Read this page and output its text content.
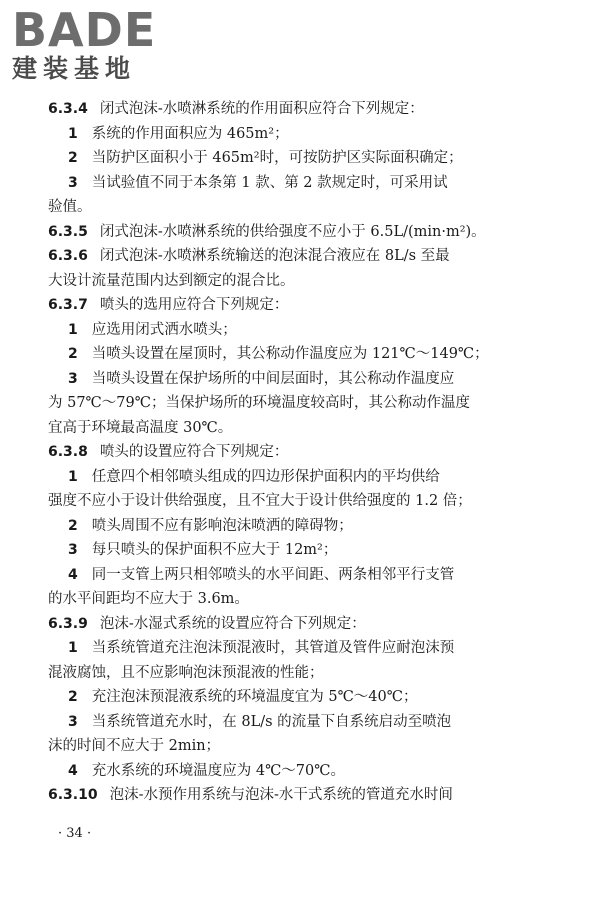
BADE
建装基地
6.3.4 闭式泡沫-水喷淋系统的作用面积应符合下列规定：
1 系统的作用面积应为 465m²；
2 当防护区面积小于 465m²时，可按防护区实际面积确定；
3 当试验值不同于本条第 1 款、第 2 款规定时，可采用试
验值。
6.3.5 闭式泡沫-水喷淋系统的供给强度不应小于 6.5L/(min·m²)。
6.3.6 闭式泡沫-水喷淋系统输送的泡沫混合液应在 8L/s 至最
大设计流量范围内达到额定的混合比。
6.3.7 喷头的选用应符合下列规定：
1 应选用闭式洒水喷头；
2 当喷头设置在屋顶时，其公称动作温度应为 121℃～149℃；
3 当喷头设置在保护场所的中间层面时，其公称动作温度应
为 57℃～79℃；当保护场所的环境温度较高时，其公称动作温度
宜高于环境最高温度 30℃。
6.3.8 喷头的设置应符合下列规定：
1 任意四个相邻喷头组成的四边形保护面积内的平均供给
强度不应小于设计供给强度，且不宜大于设计供给强度的 1.2 倍；
2 喷头周围不应有影响泡沫喷洒的障碍物；
3 每只喷头的保护面积不应大于 12m²；
4 同一支管上两只相邻喷头的水平间距、两条相邻平行支管
的水平间距均不应大于 3.6m。
6.3.9 泡沫-水湿式系统的设置应符合下列规定：
1 当系统管道充注泡沫预混液时，其管道及管件应耐泡沫预
混液腐蚀，且不应影响泡沫预混液的性能；
2 充注泡沫预混液系统的环境温度宜为 5℃～40℃；
3 当系统管道充水时，在 8L/s 的流量下自系统启动至喷泡
沫的时间不应大于 2min；
4 充水系统的环境温度应为 4℃～70℃。
6.3.10 泡沫-水预作用系统与泡沫-水干式系统的管道充水时间
· 34 ·
